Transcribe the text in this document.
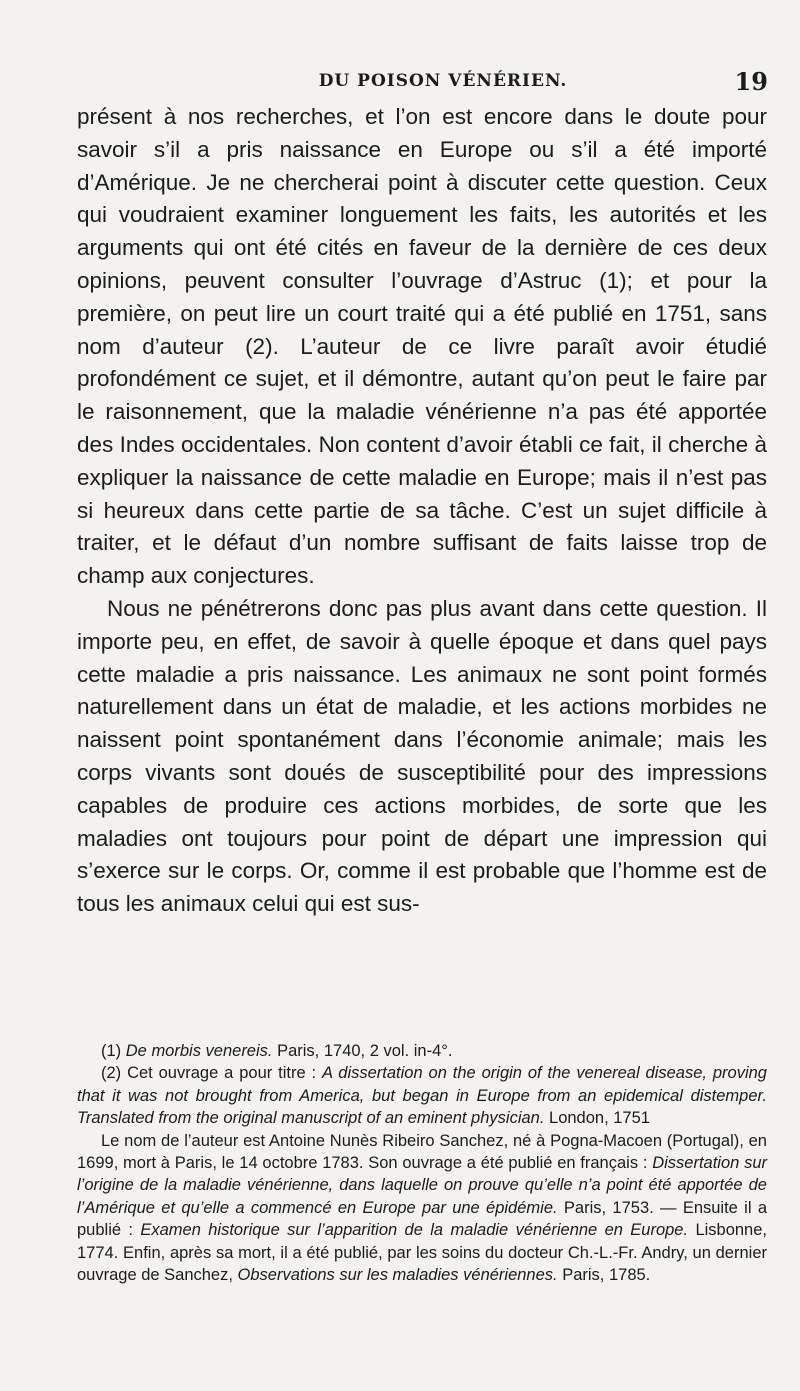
DU POISON VÉNÉRIEN.	19

présent à nos recherches, et l’on est encore dans le doute pour savoir s’il a pris naissance en Europe ou s’il a été importé d’Amérique. Je ne chercherai point à discuter cette question. Ceux qui voudraient examiner longuement les faits, les autorités et les arguments qui ont été cités en faveur de la dernière de ces deux opinions, peuvent consulter l’ouvrage d’Astruc (1); et pour la première, on peut lire un court traité qui a été publié en 1751, sans nom d’auteur (2). L’auteur de ce livre paraît avoir étudié profondément ce sujet, et il démontre, autant qu’on peut le faire par le raisonnement, que la maladie vénérienne n’a pas été apportée des Indes occidentales. Non content d’avoir établi ce fait, il cherche à expliquer la naissance de cette maladie en Europe; mais il n’est pas si heureux dans cette partie de sa tâche. C’est un sujet difficile à traiter, et le défaut d’un nombre suffisant de faits laisse trop de champ aux conjectures.

Nous ne pénétrerons donc pas plus avant dans cette question. Il importe peu, en effet, de savoir à quelle époque et dans quel pays cette maladie a pris naissance. Les animaux ne sont point formés naturellement dans un état de maladie, et les actions morbides ne naissent point spontanément dans l’économie animale; mais les corps vivants sont doués de susceptibilité pour des impressions capables de produire ces actions morbides, de sorte que les maladies ont toujours pour point de départ une impression qui s’exerce sur le corps. Or, comme il est probable que l’homme est de tous les animaux celui qui est sus-

(1) De morbis venereis. Paris, 1740, 2 vol. in-4°.

(2) Cet ouvrage a pour titre : A dissertation on the origin of the venereal disease, proving that it was not brought from America, but began in Europe from an epidemical distemper. Translated from the original manuscript of an eminent physician. London, 1751

Le nom de l’auteur est Antoine Nunès Ribeiro Sanchez, né à Pogna-Macoen (Portugal), en 1699, mort à Paris, le 14 octobre 1783. Son ouvrage a été publié en français : Dissertation sur l’origine de la maladie vénérienne, dans laquelle on prouve qu’elle n’a point été apportée de l’Amérique et qu’elle a commencé en Europe par une épidémie. Paris, 1753. — Ensuite il a publié : Examen historique sur l’apparition de la maladie vénérienne en Europe. Lisbonne, 1774. Enfin, après sa mort, il a été publié, par les soins du docteur Ch.-L.-Fr. Andry, un dernier ouvrage de Sanchez, Observations sur les maladies vénériennes. Paris, 1785.
